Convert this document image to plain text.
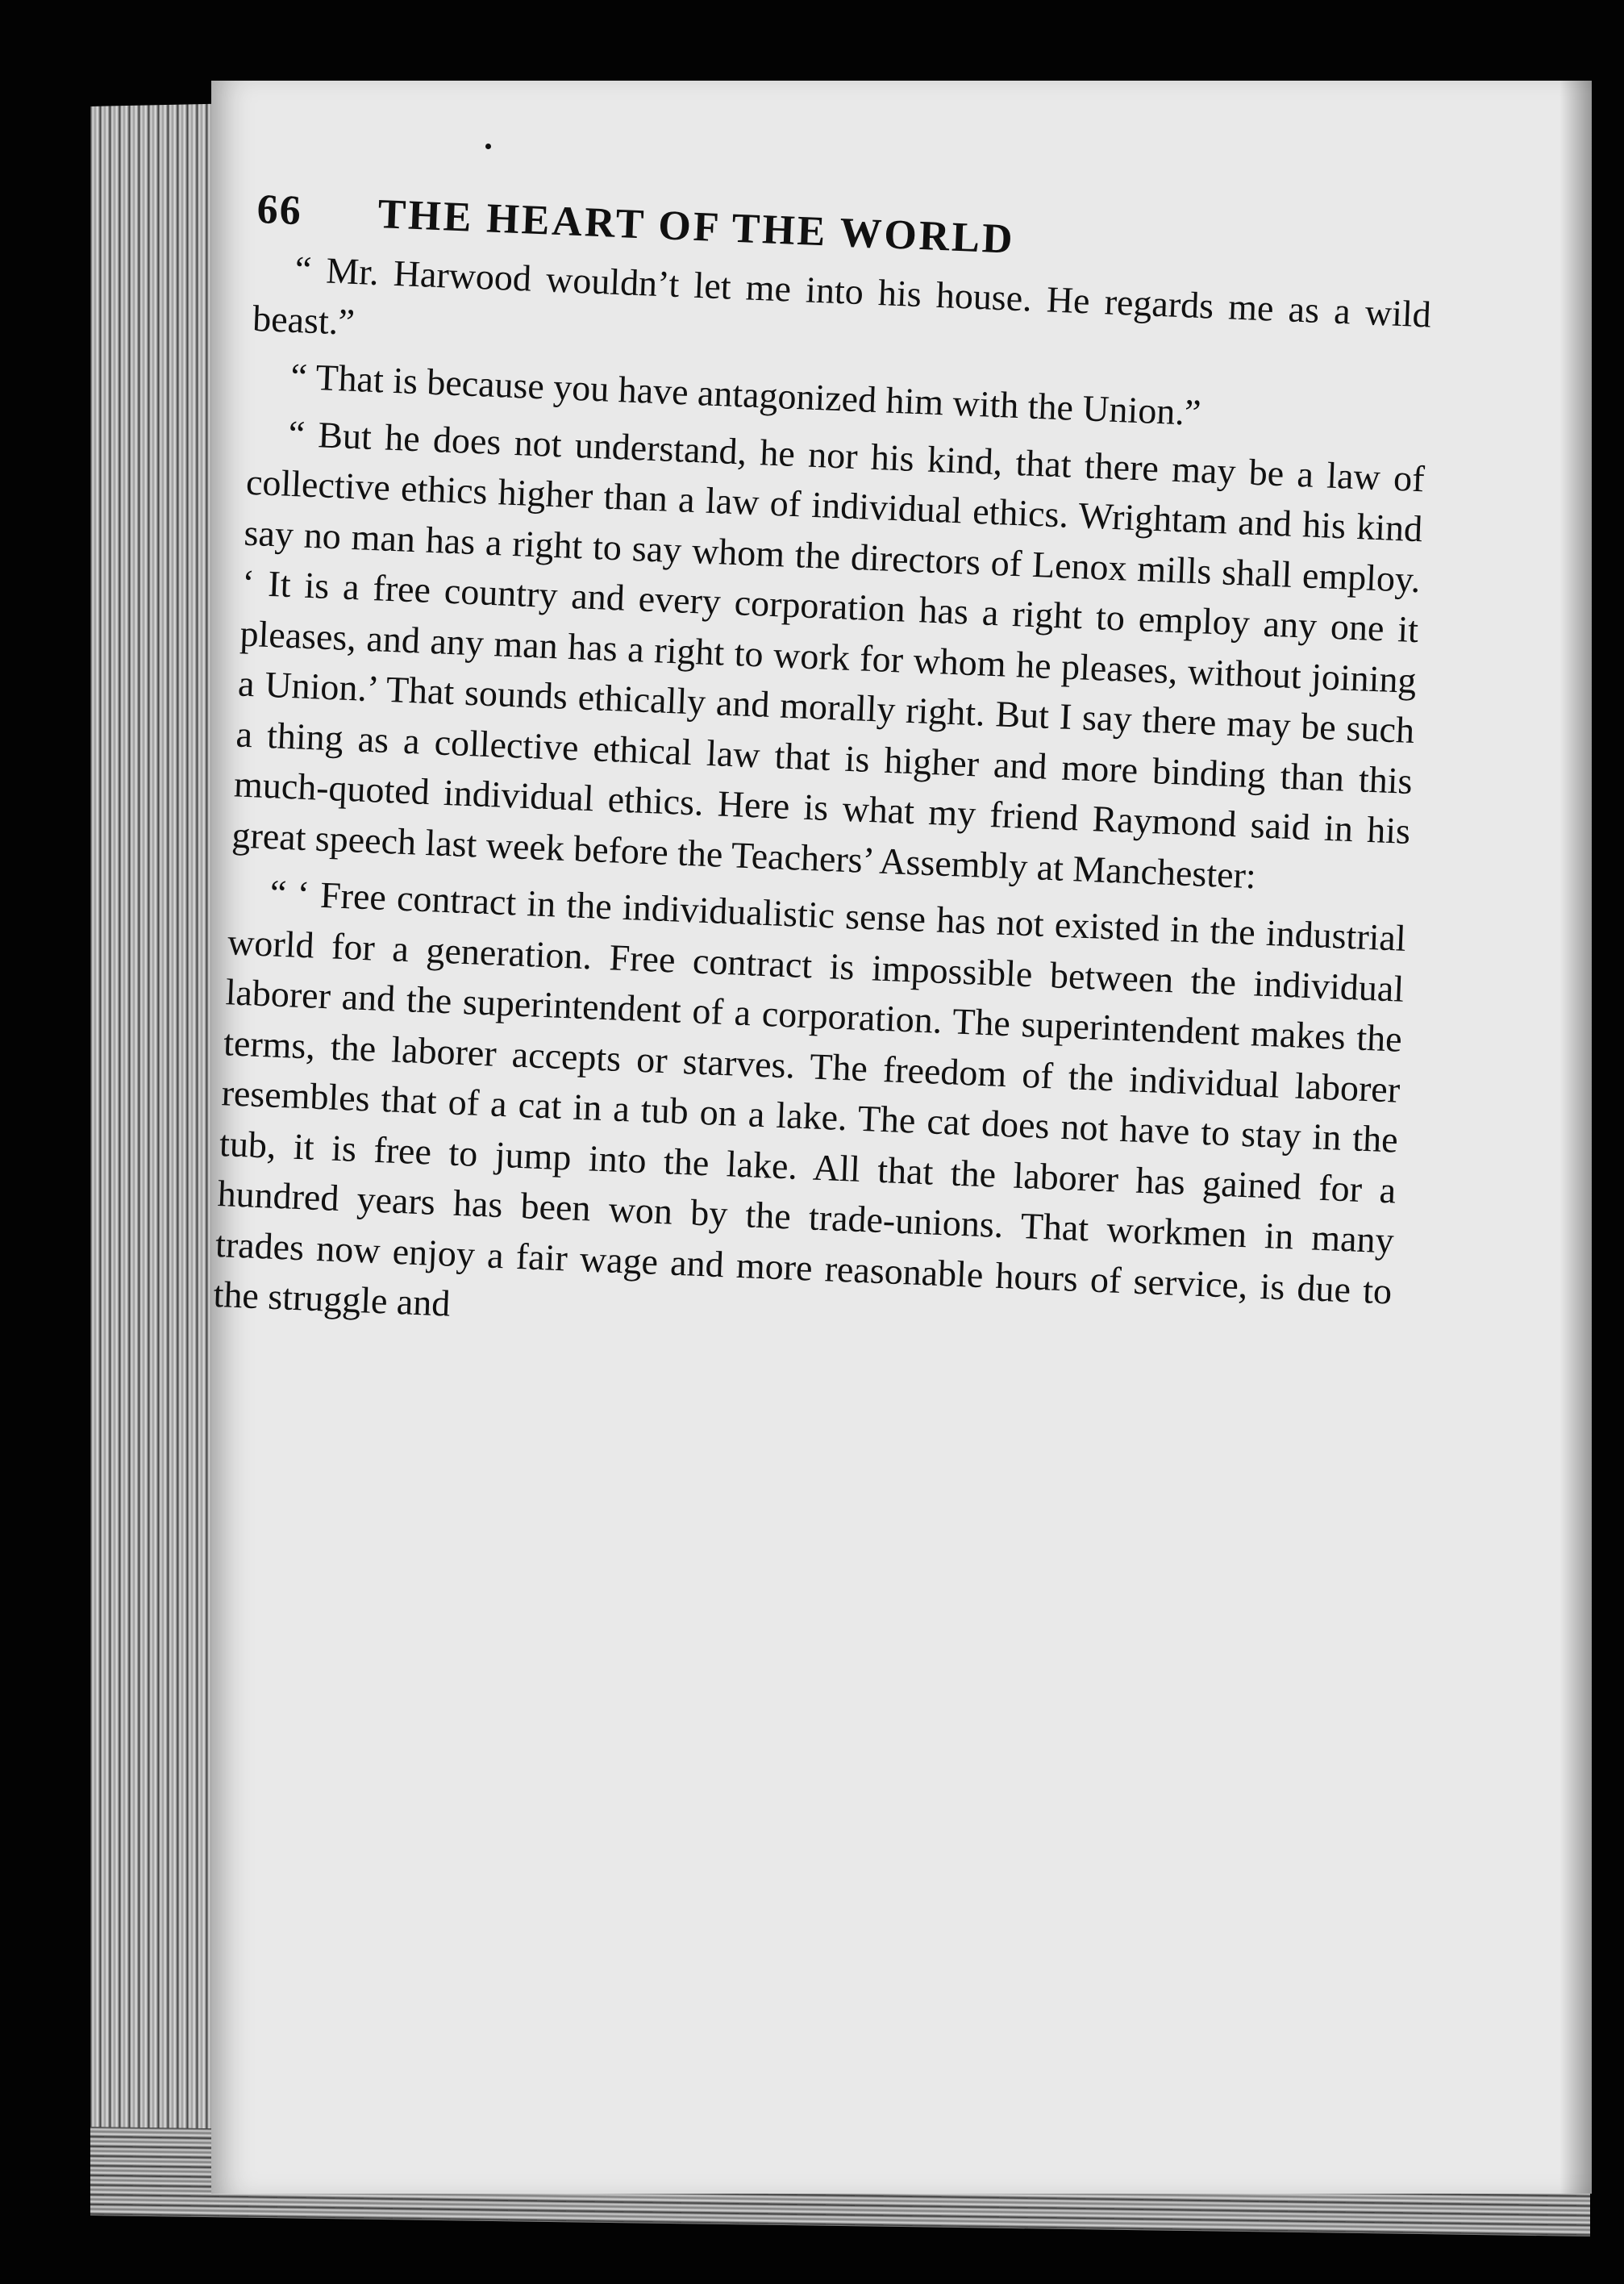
66	THE HEART OF THE WORLD

“ Mr. Harwood wouldn’t let me into his house. He regards me as a wild beast.”

“ That is because you have antagonized him with the Union.”

“ But he does not understand, he nor his kind, that there may be a law of collective ethics higher than a law of individual ethics. Wrightam and his kind say no man has a right to say whom the directors of Lenox mills shall employ. ‘ It is a free country and every corporation has a right to employ any one it pleases, and any man has a right to work for whom he pleases, without joining a Union.’ That sounds ethically and morally right. But I say there may be such a thing as a collective ethical law that is higher and more binding than this much-quoted individual ethics. Here is what my friend Raymond said in his great speech last week before the Teachers’ Assembly at Manchester:

“ ‘ Free contract in the individualistic sense has not existed in the industrial world for a generation. Free contract is impossible between the individual laborer and the superintendent of a corporation. The superintendent makes the terms, the laborer accepts or starves. The freedom of the individual laborer resembles that of a cat in a tub on a lake. The cat does not have to stay in the tub, it is free to jump into the lake. All that the laborer has gained for a hundred years has been won by the trade-unions. That workmen in many trades now enjoy a fair wage and more reasonable hours of service, is due to the struggle and
